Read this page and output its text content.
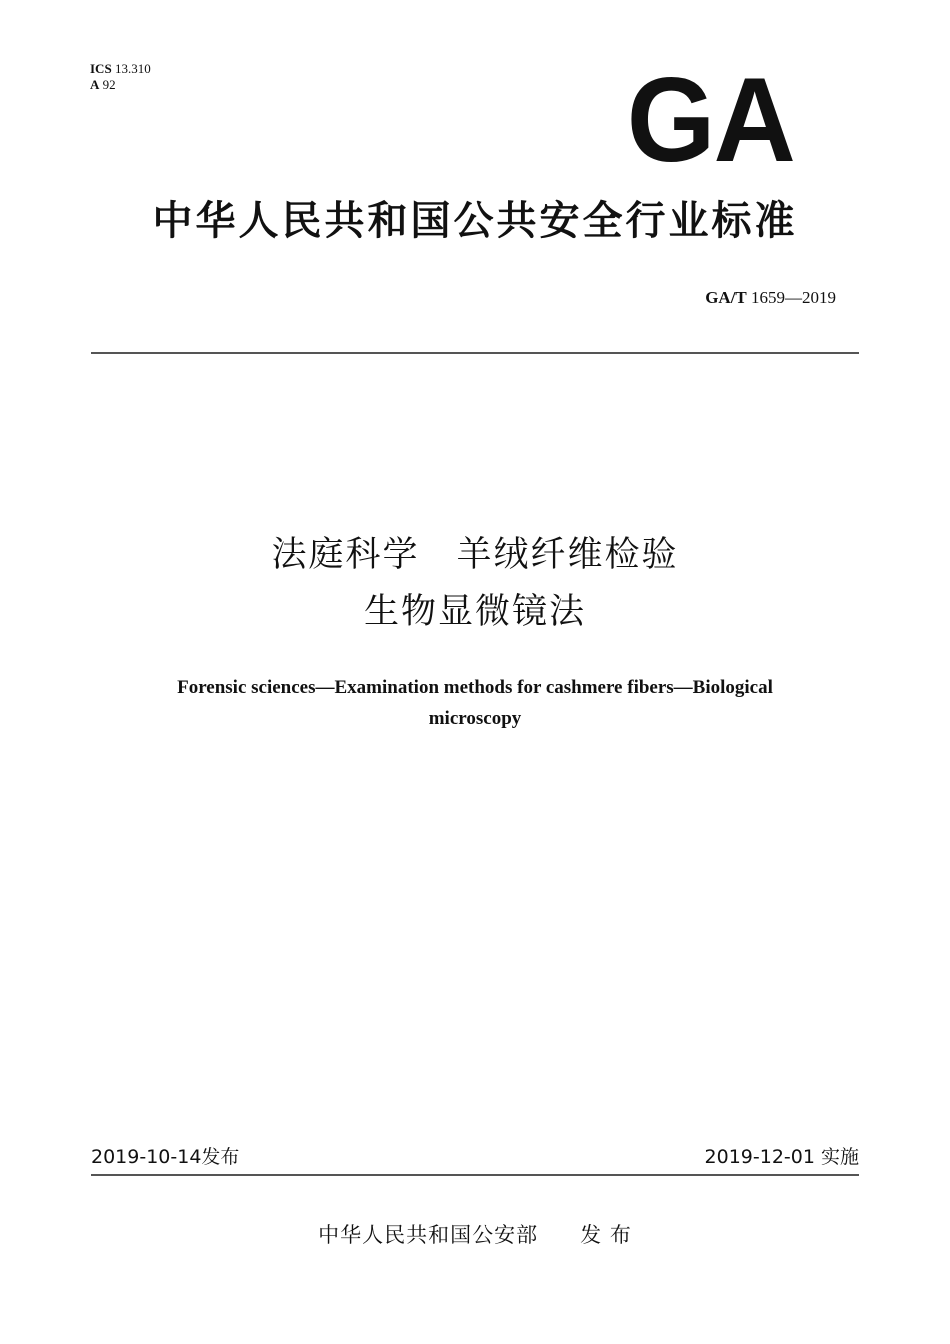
ICS 13.310
A 92	GA
中华人民共和国公共安全行业标准
GA/T 1659—2019
法庭科学　羊绒纤维检验
生物显微镜法
Forensic sciences—Examination methods for cashmere fibers—Biological
microscopy
2019-10-14发布	2019-12-01 实施
中华人民共和国公安部 发 布
